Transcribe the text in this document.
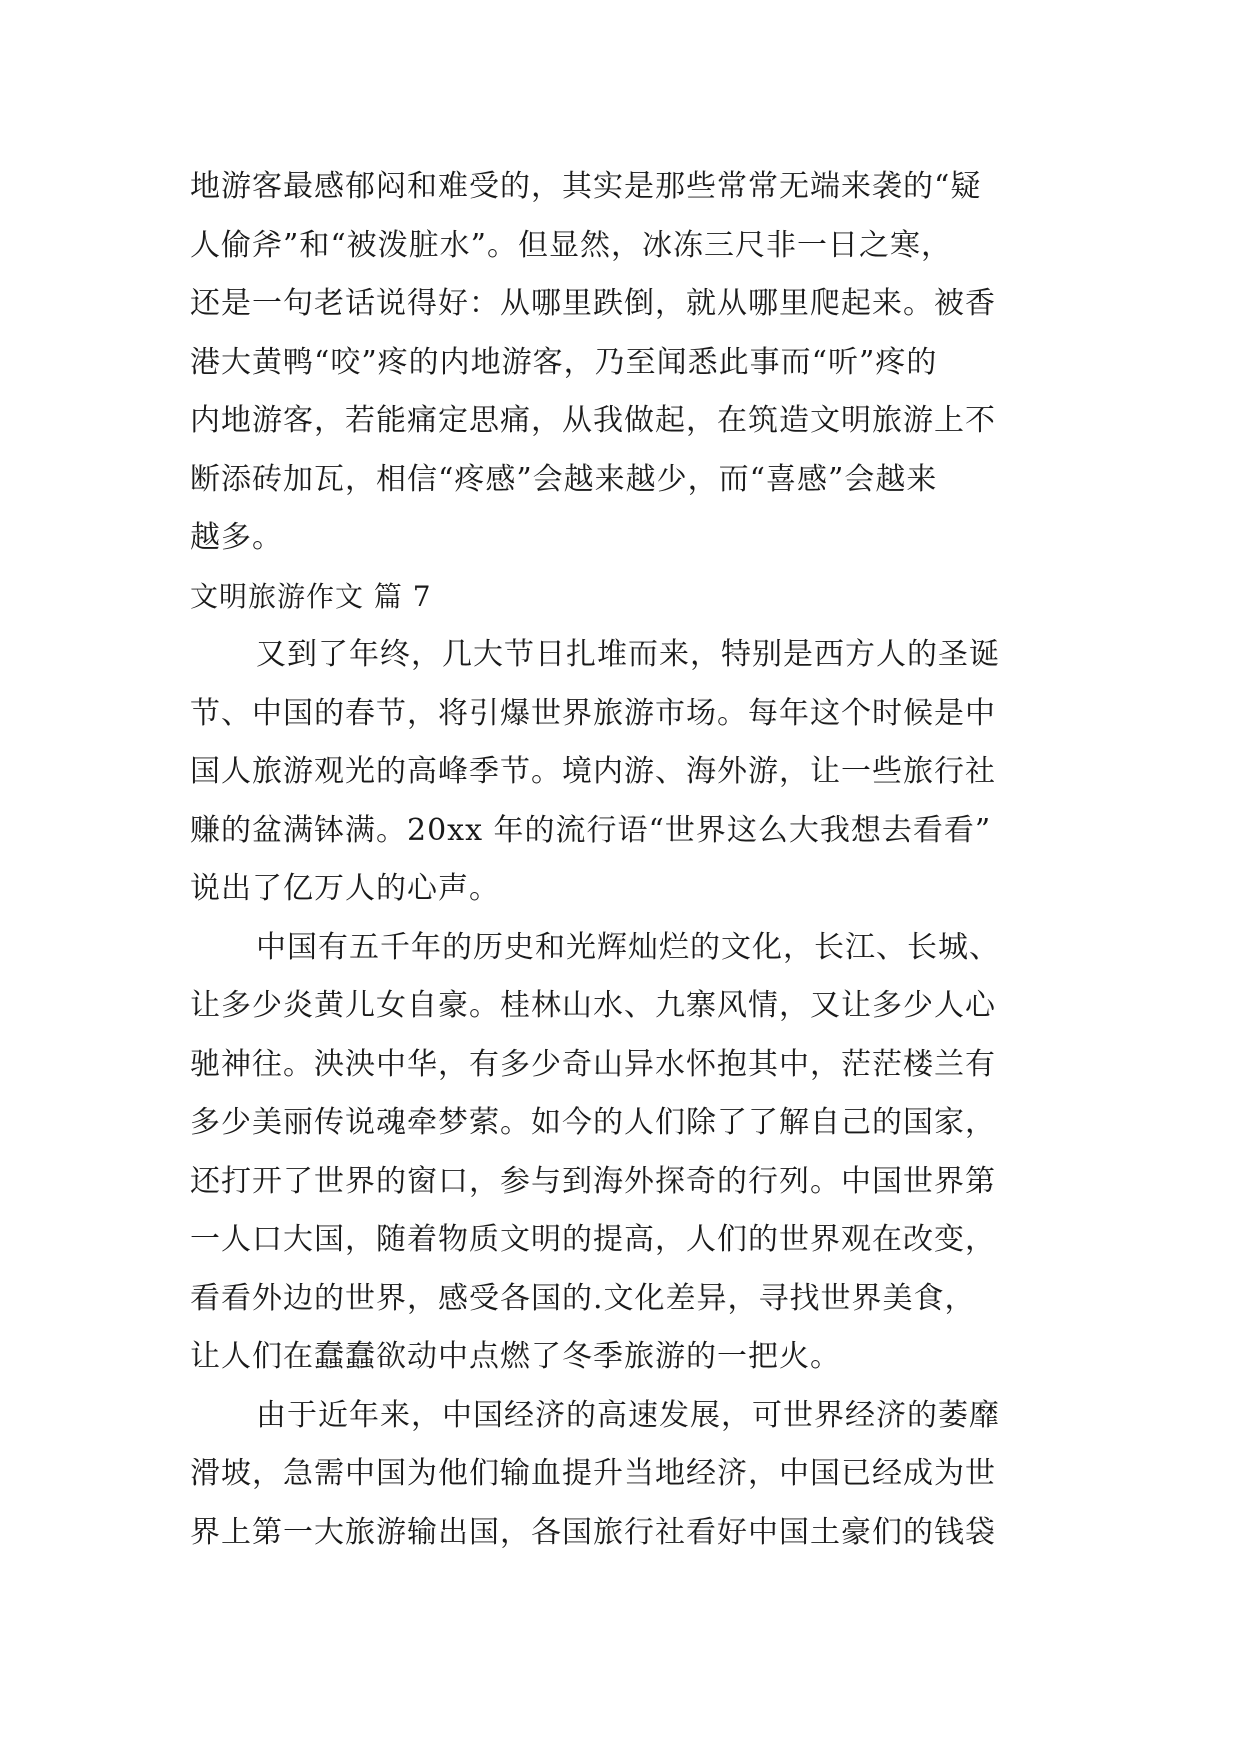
地游客最感郁闷和难受的，其实是那些常常无端来袭的“疑
人偷斧”和“被泼脏水”。但显然，冰冻三尺非一日之寒，
还是一句老话说得好：从哪里跌倒，就从哪里爬起来。被香
港大黄鸭“咬”疼的内地游客，乃至闻悉此事而“听”疼的
内地游客，若能痛定思痛，从我做起，在筑造文明旅游上不
断添砖加瓦，相信“疼感”会越来越少，而“喜感”会越来
越多。
文明旅游作文 篇 7
又到了年终，几大节日扎堆而来，特别是西方人的圣诞
节、中国的春节，将引爆世界旅游市场。每年这个时候是中
国人旅游观光的高峰季节。境内游、海外游，让一些旅行社
赚的盆满钵满。20xx 年的流行语“世界这么大我想去看看”
说出了亿万人的心声。
中国有五千年的历史和光辉灿烂的文化，长江、长城、
让多少炎黄儿女自豪。桂林山水、九寨风情，又让多少人心
驰神往。泱泱中华，有多少奇山异水怀抱其中，茫茫楼兰有
多少美丽传说魂牵梦萦。如今的人们除了了解自己的国家，
还打开了世界的窗口，参与到海外探奇的行列。中国世界第
一人口大国，随着物质文明的提高，人们的世界观在改变，
看看外边的世界，感受各国的.文化差异，寻找世界美食，
让人们在蠢蠢欲动中点燃了冬季旅游的一把火。
由于近年来，中国经济的高速发展，可世界经济的萎靡
滑坡，急需中国为他们输血提升当地经济，中国已经成为世
界上第一大旅游输出国，各国旅行社看好中国土豪们的钱袋
